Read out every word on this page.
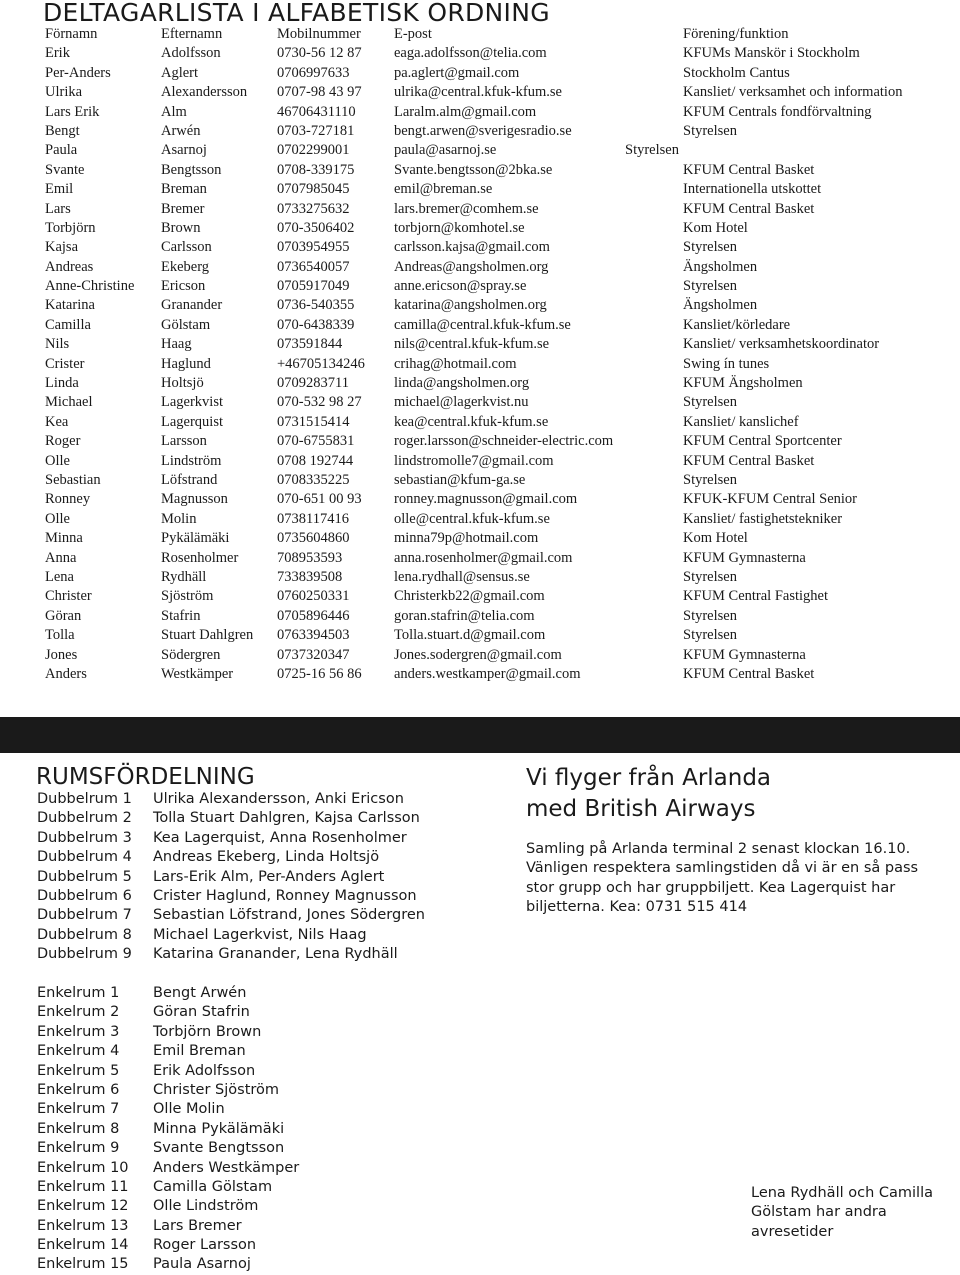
DELTAGARLISTA I ALFABETISK ORDNING
Förnamn	Efternamn	Mobilnummer E-post	Förening/funktion
Erik	Adolfsson	0730-56 12 87 eaga.adolfsson@telia.com	KFUMs Manskör i Stockholm
Per-Anders	Aglert	0706997633	pa.aglert@gmail.com	Stockholm Cantus
Ulrika	Alexandersson 0707-98 43 97 ulrika@central.kfuk-kfum.se	Kansliet/ verksamhet och information
Lars Erik	Alm	46706431110	Laralm.alm@gmail.com	KFUM Centrals fondförvaltning
Bengt	Arwén	0703-727181	bengt.arwen@sverigesradio.se	Styrelsen
Paula	Asarnoj	0702299001	paula@asarnoj.se	Styrelsen
Svante	Bengtsson	0708-339175	Svante.bengtsson@2bka.se	KFUM Central Basket
Emil	Breman	0707985045	emil@breman.se	Internationella utskottet
Lars	Bremer	0733275632	lars.bremer@comhem.se	KFUM Central Basket
Torbjörn	Brown	070-3506402	torbjorn@komhotel.se	Kom Hotel
Kajsa	Carlsson	0703954955	carlsson.kajsa@gmail.com	Styrelsen
Andreas	Ekeberg	0736540057	Andreas@angsholmen.org	Ängsholmen
Anne-Christine Ericson	0705917049	anne.ericson@spray.se	Styrelsen
Katarina	Granander	0736-540355	katarina@angsholmen.org	Ängsholmen
Camilla	Gölstam	070-6438339	camilla@central.kfuk-kfum.se	Kansliet/körledare
Nils	Haag	073591844	nils@central.kfuk-kfum.se	Kansliet/ verksamhetskoordinator
Crister	Haglund	+46705134246 crihag@hotmail.com	Swing ín tunes
Linda	Holtsjö	0709283711	linda@angsholmen.org	KFUM Ängsholmen
Michael	Lagerkvist	070-532 98 27 michael@lagerkvist.nu	Styrelsen
Kea	Lagerquist	0731515414	kea@central.kfuk-kfum.se	Kansliet/ kanslichef
Roger	Larsson	070-6755831	roger.larsson@schneider-electric.com	KFUM Central Sportcenter
Olle	Lindström	0708 192744	lindstromolle7@gmail.com	KFUM Central Basket
Sebastian	Löfstrand	0708335225	sebastian@kfum-ga.se	Styrelsen
Ronney	Magnusson	070-651 00 93 ronney.magnusson@gmail.com	KFUK-KFUM Central Senior
Olle	Molin	0738117416	olle@central.kfuk-kfum.se	Kansliet/ fastighetstekniker
Minna	Pykälämäki	0735604860	minna79p@hotmail.com	Kom Hotel
Anna	Rosenholmer	708953593	anna.rosenholmer@gmail.com	KFUM Gymnasterna
Lena	Rydhäll	733839508	lena.rydhall@sensus.se	Styrelsen
Christer	Sjöström	0760250331	Christerkb22@gmail.com	KFUM Central Fastighet
Göran	Stafrin	0705896446	goran.stafrin@telia.com	Styrelsen
Tolla	Stuart Dahlgren 0763394503	Tolla.stuart.d@gmail.com	Styrelsen
Jones	Södergren	0737320347	Jones.sodergren@gmail.com	KFUM Gymnasterna
Anders	Westkämper	0725-16 56 86 anders.westkamper@gmail.com	KFUM Central Basket
RUMSFÖRDELNING
Dubbelrum 1 Ulrika Alexandersson, Anki Ericson
Dubbelrum 2 Tolla Stuart Dahlgren, Kajsa Carlsson
Dubbelrum 3 Kea Lagerquist, Anna Rosenholmer
Dubbelrum 4 Andreas Ekeberg, Linda Holtsjö
Dubbelrum 5 Lars-Erik Alm, Per-Anders Aglert
Dubbelrum 6 Crister Haglund, Ronney Magnusson
Dubbelrum 7 Sebastian Löfstrand, Jones Södergren
Dubbelrum 8 Michael Lagerkvist, Nils Haag
Dubbelrum 9 Katarina Granander, Lena Rydhäll
Enkelrum 1 Bengt Arwén
Enkelrum 2 Göran Stafrin
Enkelrum 3 Torbjörn Brown
Enkelrum 4 Emil Breman
Enkelrum 5 Erik Adolfsson
Enkelrum 6 Christer Sjöström
Enkelrum 7 Olle Molin
Enkelrum 8 Minna Pykälämäki
Enkelrum 9 Svante Bengtsson
Enkelrum 10 Anders Westkämper
Enkelrum 11 Camilla Gölstam
Enkelrum 12 Olle Lindström
Enkelrum 13 Lars Bremer
Enkelrum 14 Roger Larsson
Enkelrum 15 Paula Asarnoj
Vi flyger från Arlanda
med British Airways

Samling på Arlanda terminal 2 senast klockan 16.10. Vänligen respektera samlingstiden då vi är en så pass stor grupp och har gruppbiljett. Kea Lagerquist har biljetterna. Kea: 0731 515 414

Lena Rydhäll och Camilla Gölstam har andra avresetider
